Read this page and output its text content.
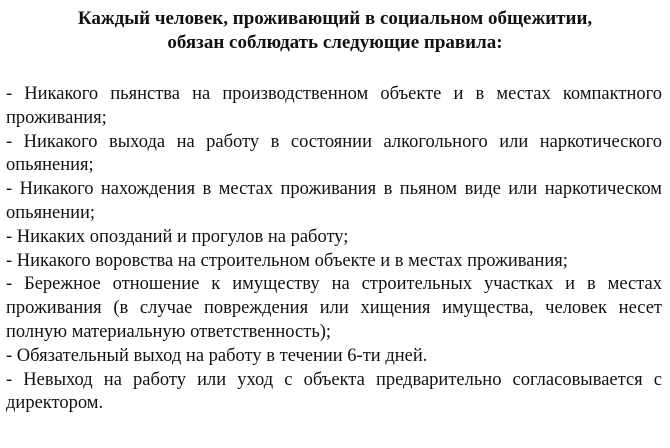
Каждый человек, проживающий в социальном общежитии,
обязан соблюдать следующие правила:
- Никакого пьянства на производственном объекте и в местах компактного проживания;
- Никакого выхода на работу в состоянии алкогольного или наркотического опьянения;
- Никакого нахождения в местах проживания в пьяном виде или наркотическом опьянении;
- Никаких опозданий и прогулов на работу;
- Никакого воровства на строительном объекте и в местах проживания;
- Бережное отношение к имуществу на строительных участках и в местах проживания (в случае повреждения или хищения имущества, человек несет полную материальную ответственность);
- Обязательный выход на работу в течении 6-ти дней.
- Невыход на работу или уход с объекта предварительно согласовывается с директором.
